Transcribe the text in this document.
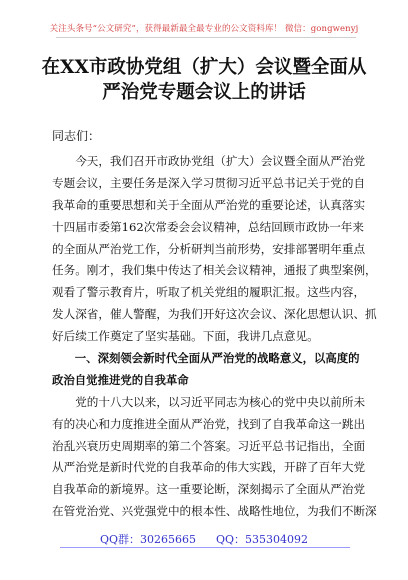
关注头条号“公文研究”，获得最新最全最专业的公文资料库！ 微信：gongwenyj
在XX市政协党组（扩大）会议暨全面从
严治党专题会议上的讲话
同志们：
　　今天，我们召开市政协党组（扩大）会议暨全面从严治党
专题会议，主要任务是深入学习贯彻习近平总书记关于党的自
我革命的重要思想和关于全面从严治党的重要论述，认真落实
十四届市委第162次常委会会议精神，总结回顾市政协一年来
的全面从严治党工作，分析研判当前形势，安排部署明年重点
任务。刚才，我们集中传达了相关会议精神，通报了典型案例，
观看了警示教育片，听取了机关党组的履职汇报。这些内容，
发人深省，催人警醒，为我们开好这次会议、深化思想认识、抓
好后续工作奠定了坚实基础。下面，我讲几点意见。
　　一、深刻领会新时代全面从严治党的战略意义，以高度的
政治自觉推进党的自我革命
　　党的十八大以来，以习近平同志为核心的党中央以前所未
有的决心和力度推进全面从严治党，找到了自我革命这一跳出
治乱兴衰历史周期率的第二个答案。习近平总书记指出，全面
从严治党是新时代党的自我革命的伟大实践，开辟了百年大党
自我革命的新境界。这一重要论断，深刻揭示了全面从严治党
在管党治党、兴党强党中的根本性、战略性地位，为我们不断深
QQ群：30265665 QQ：535304092
